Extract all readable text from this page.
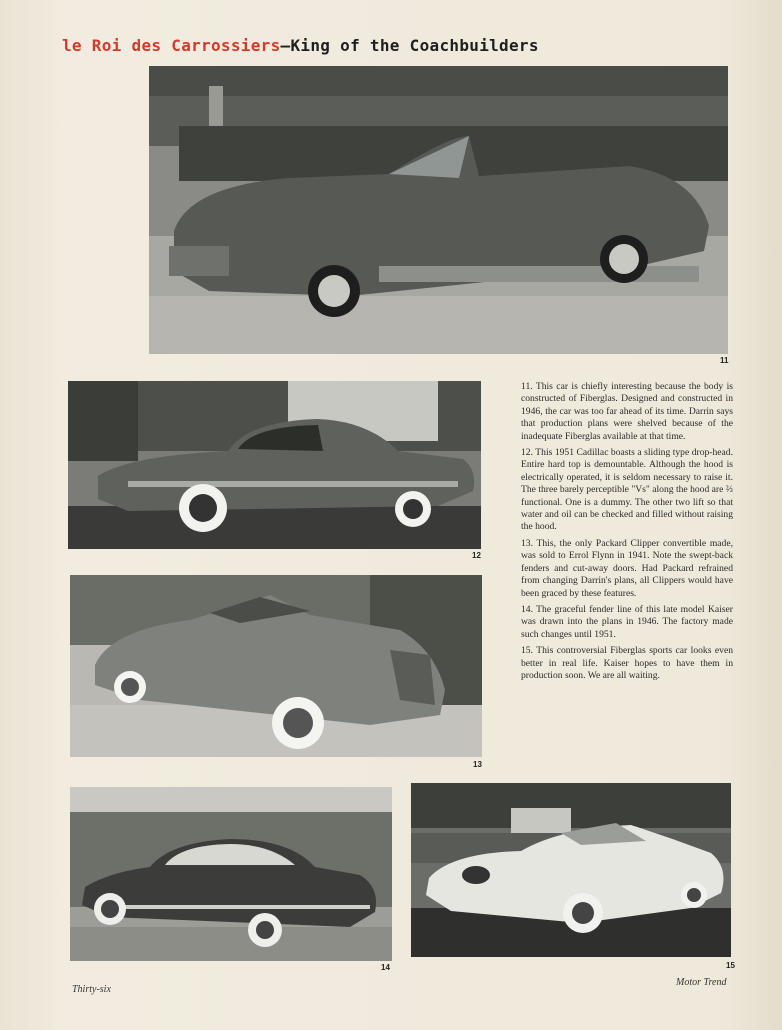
le Roi des Carrossiers–King of the Coachbuilders
11
12
13
14	15

11. This car is chiefly interesting because the body is constructed of Fiberglas. Designed and constructed in 1946, the car was too far ahead of its time. Darrin says that production plans were shelved because of the inadequate Fiberglas available at that time.

12. This 1951 Cadillac boasts a sliding type drop-head. Entire hard top is demountable. Although the hood is electrically operated, it is seldom necessary to raise it. The three barely perceptible "Vs" along the hood are ⅔ functional. One is a dummy. The other two lift so that water and oil can be checked and filled without raising the hood.

13. This, the only Packard Clipper convertible made, was sold to Errol Flynn in 1941. Note the swept-back fenders and cut-away doors. Had Packard refrained from changing Darrin's plans, all Clippers would have been graced by these features.

14. The graceful fender line of this late model Kaiser was drawn into the plans in 1946. The factory made such changes until 1951.

15. This controversial Fiberglas sports car looks even better in real life. Kaiser hopes to have them in production soon. We are all waiting.

Thirty-six
Motor Trend
